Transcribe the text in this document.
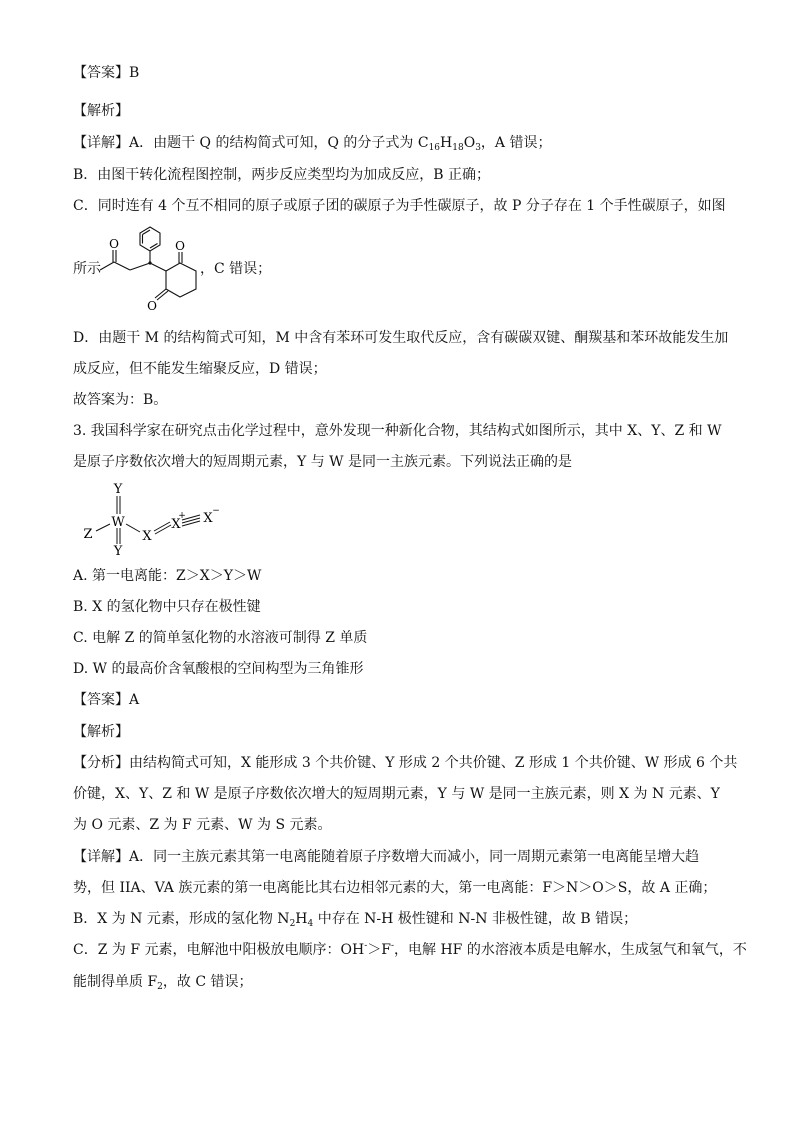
【答案】B
【解析】
【详解】A．由题干 Q 的结构简式可知，Q 的分子式为 $C_{16}H_{18}O_3$，A 错误；
B．由图干转化流程图控制，两步反应类型均为加成反应，B 正确；
C．同时连有 4 个互不相同的原子或原子团的碳原子为手性碳原子，故 P 分子存在 1 个手性碳原子，如图
O	O
O
所示	，C 错误；
D．由题干 M 的结构简式可知，M 中含有苯环可发生取代反应，含有碳碳双键、酮羰基和苯环故能发生加
成反应，但不能发生缩聚反应，D 错误；
故答案为：B。
3. 我国科学家在研究点击化学过程中，意外发现一种新化合物，其结构式如图所示，其中 X、Y、Z 和 W
是原子序数依次增大的短周期元素，Y 与 W 是同一主族元素。下列说法正确的是
Y
W
Y
Z	X
X
+ X −
A. 第一电离能：Z＞X＞Y＞W
B. X 的氢化物中只存在极性键
C. 电解 Z 的简单氢化物的水溶液可制得 Z 单质
D. W 的最高价含氧酸根的空间构型为三角锥形
【答案】A
【解析】
【分析】由结构简式可知，X 能形成 3 个共价键、Y 形成 2 个共价键、Z 形成 1 个共价键、W 形成 6 个共
价键，X、Y、Z 和 W 是原子序数依次增大的短周期元素，Y 与 W 是同一主族元素，则 X 为 N 元素、Y
为 O 元素、Z 为 F 元素、W 为 S 元素。
【详解】A．同一主族元素其第一电离能随着原子序数增大而减小，同一周期元素第一电离能呈增大趋
势，但 IIA、VA 族元素的第一电离能比其右边相邻元素的大，第一电离能：F＞N＞O＞S，故 A 正确；
B．X 为 N 元素，形成的氢化物 $N_2H_4$ 中存在 N-H 极性键和 N-N 非极性键，故 B 错误；
C．Z 为 F 元素，电解池中阳极放电顺序：OH-＞F-，电解 HF 的水溶液本质是电解水，生成氢气和氧气，不
能制得单质 $F_2$，故 C 错误；
